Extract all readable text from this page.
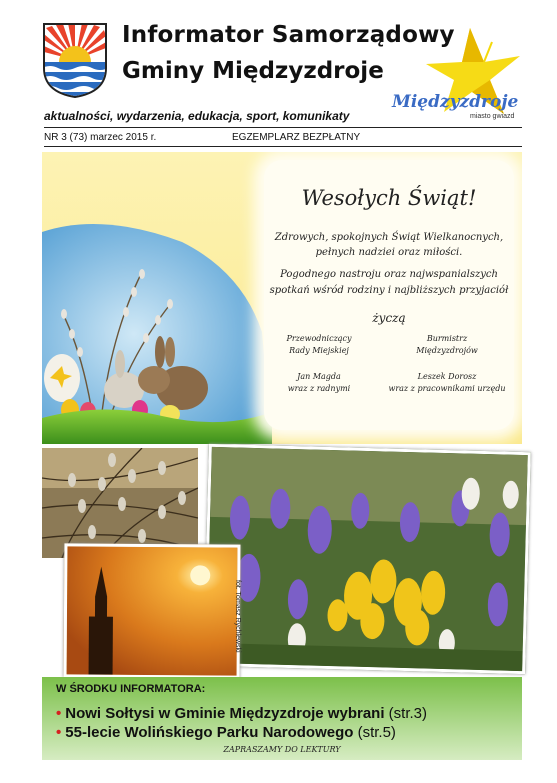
Informator Samorządowy
Gminy Międzyzdroje
Międzyzdroje
miasto gwiazd
aktualności, wydarzenia, edukacja, sport, komunikaty
NR 3 (73) marzec 2015 r.	EGZEMPLARZ BEZPŁATNY
Wesołych Świąt!
Zdrowych, spokojnych Świąt Wielkanocnych,
pełnych nadziei oraz miłości.
Pogodnego nastroju oraz najwspanialszych
spotkań wśród rodziny i najbliższych przyjaciół
życzą
Przewodniczący
Rady Miejskiej
Jan Magda
wraz z radnymi
Burmistrz
Międzyzdrojów
Leszek Dorosz
wraz z pracownikami urzędu
fot. Tomasz Rychlewski
W ŚRODKU INFORMATORA:
• Nowi Sołtysi w Gminie Międzyzdroje wybrani (str.3)
• 55-lecie Wolińskiego Parku Narodowego (str.5)
ZAPRASZAMY DO LEKTURY
